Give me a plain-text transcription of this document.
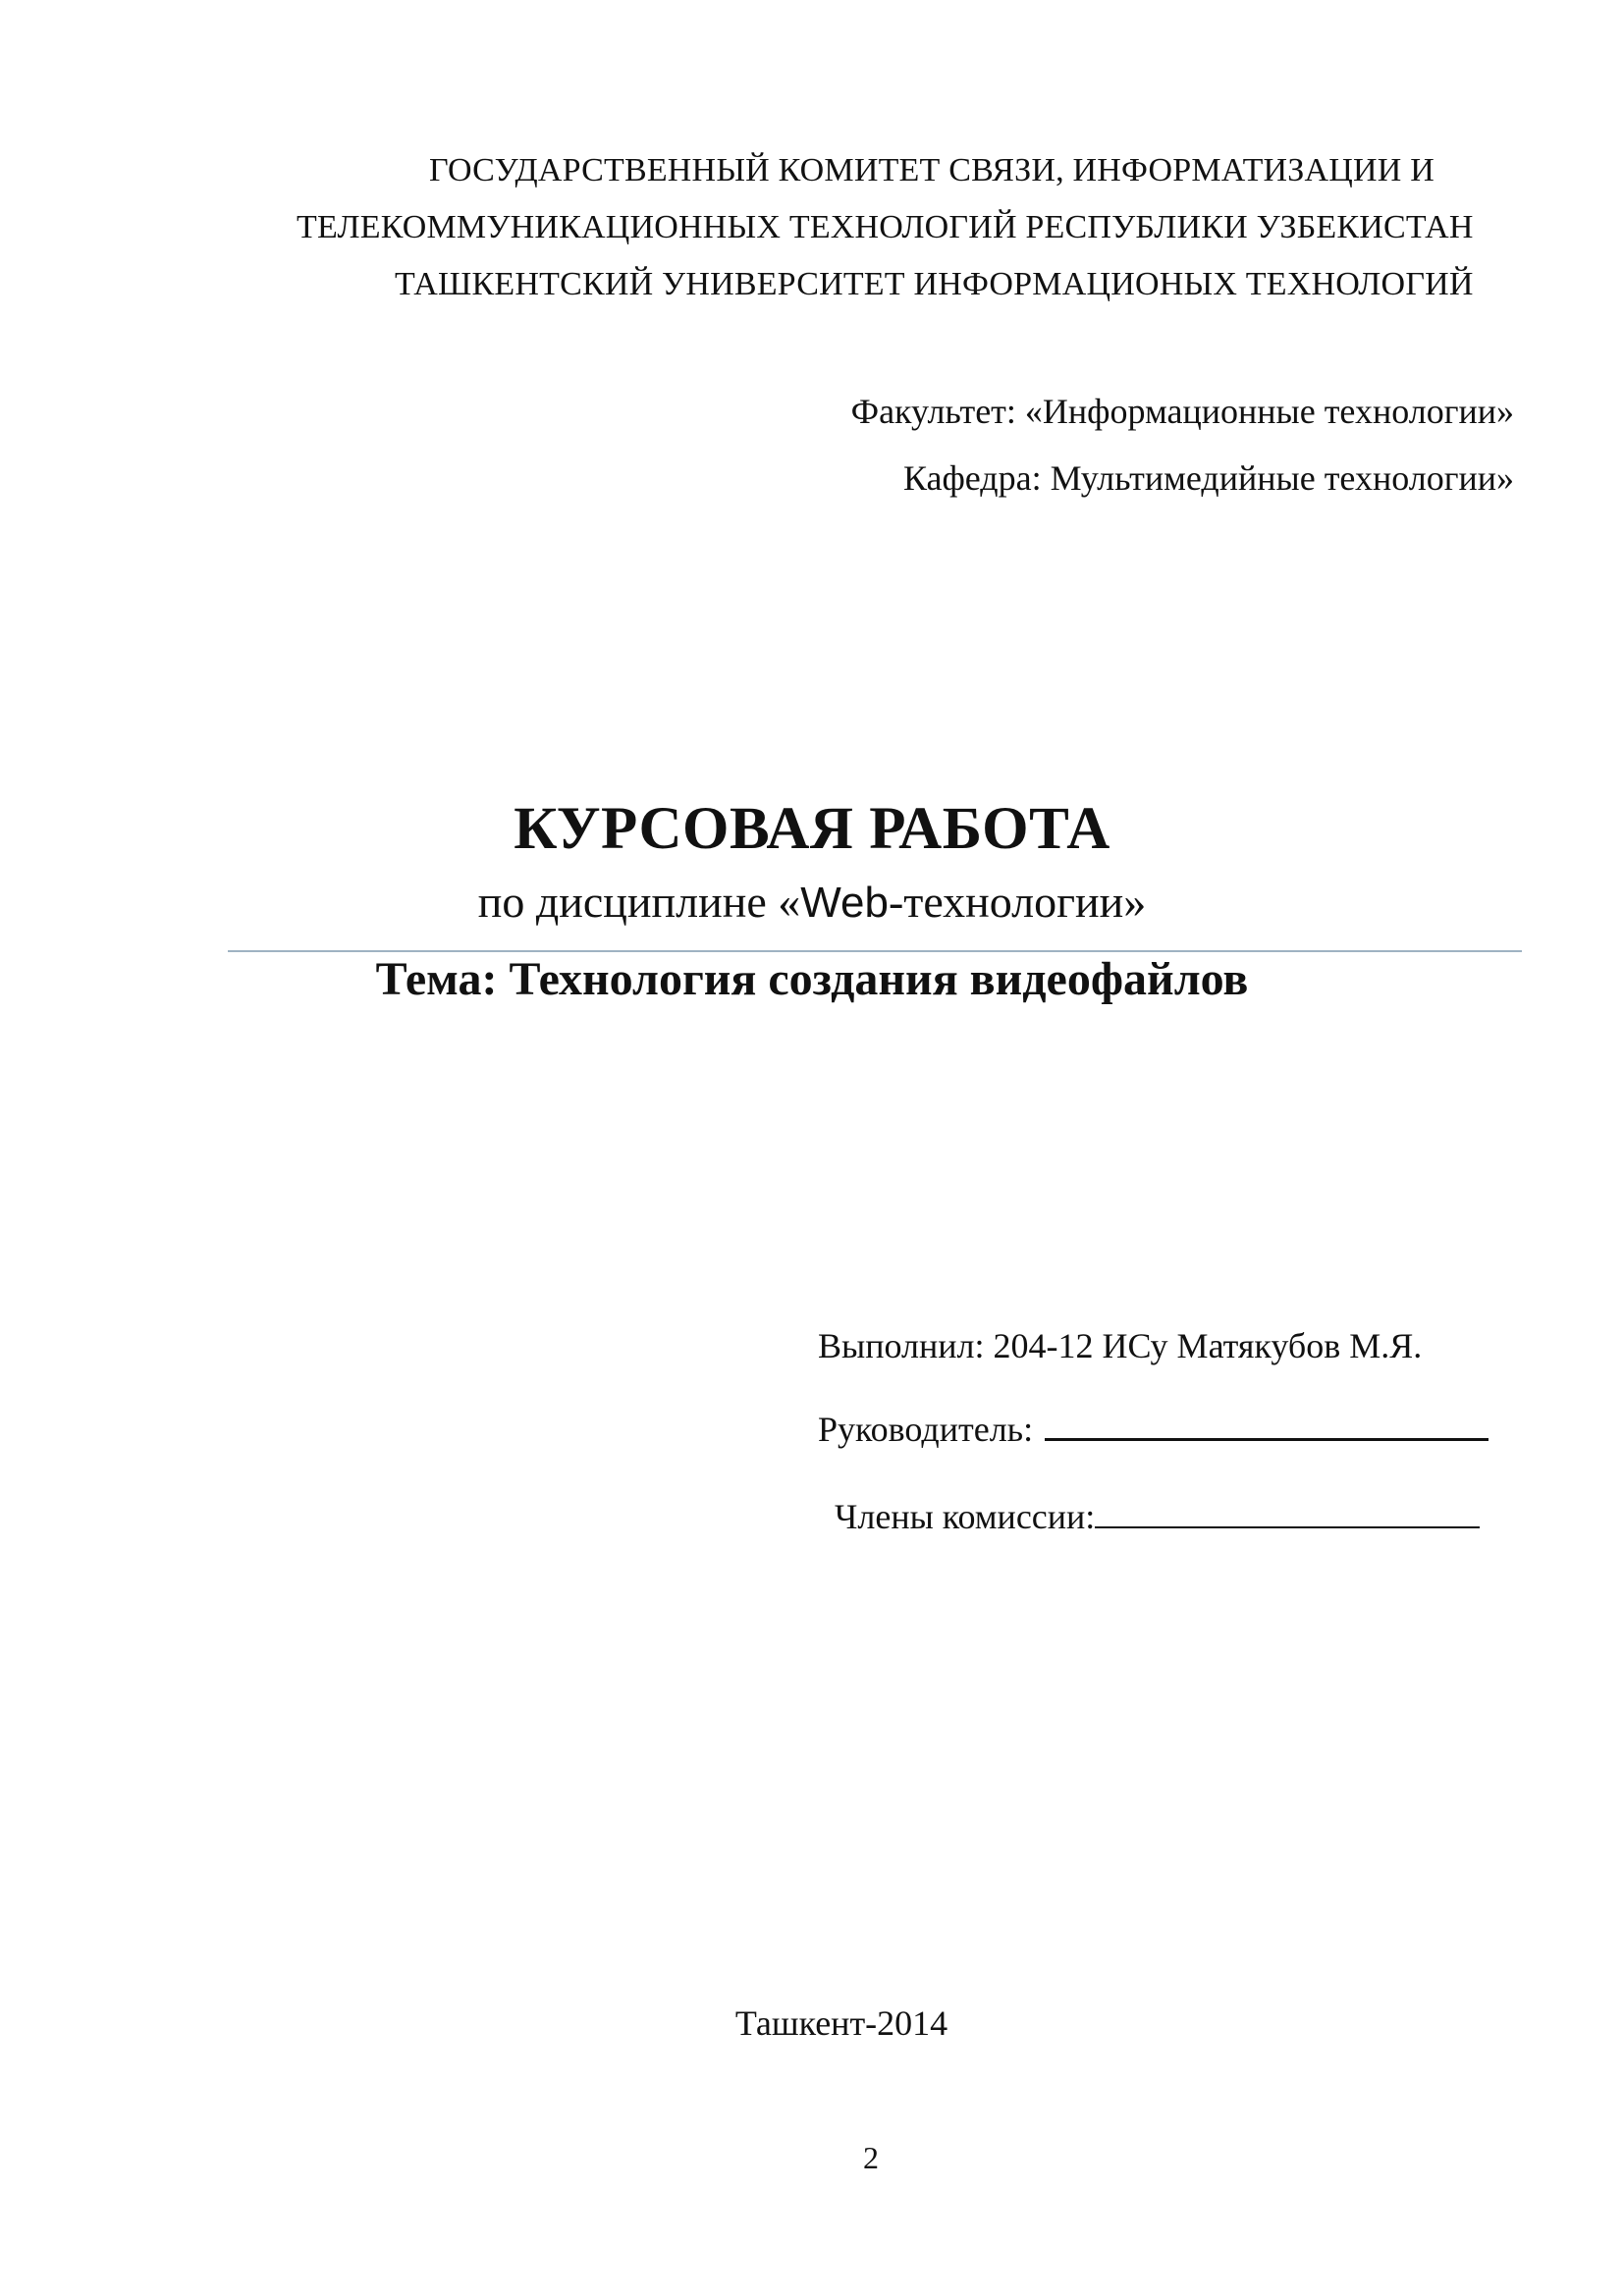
ГОСУДАРСТВЕННЫЙ КОМИТЕТ СВЯЗИ, ИНФОРМАТИЗАЦИИ И
ТЕЛЕКОММУНИКАЦИОННЫХ ТЕХНОЛОГИЙ РЕСПУБЛИКИ УЗБЕКИСТАН
ТАШКЕНТСКИЙ УНИВЕРСИТЕТ ИНФОРМАЦИОНЫХ ТЕХНОЛОГИЙ
Факультет: «Информационные технологии»
Кафедра: Мультимедийные технологии»
КУРСОВАЯ РАБОТА
по дисциплине «Web-технологии»
Тема: Технология создания видеофайлов
Выполнил: 204-12 ИСу Матякубов М.Я.
Руководитель:
Члены комиссии:
Ташкент-2014
2
